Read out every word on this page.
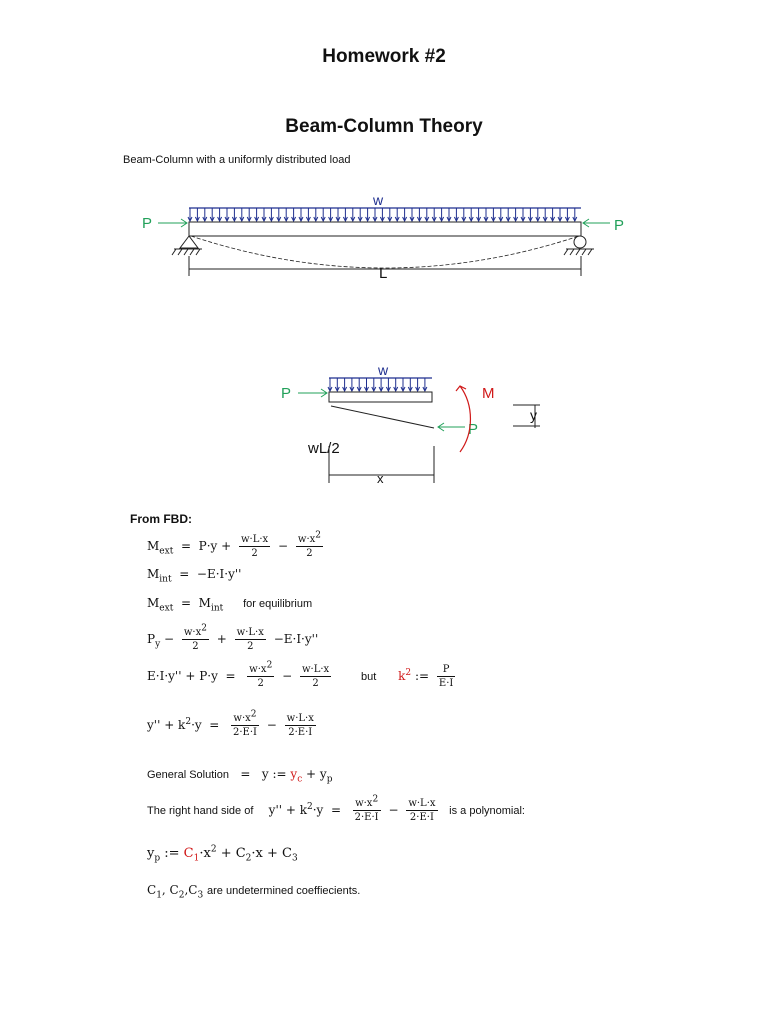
Homework #2
Beam-Column Theory
Beam-Column with a uniformly distributed load
w
P	P
L
w
P
P
M
y
wL/2
x
From FBD:
$M_{ext} = P\cdot y + \frac{w\cdot L\cdot x}{2} - \frac{w\cdot x^2}{2}$
$M_{int} = -E\cdot I\cdot y''$
$M_{ext} = M_{int}$ for equilibrium
$P_y - \frac{w\cdot x^2}{2} + \frac{w\cdot L\cdot x}{2} -E\cdot I\cdot y''$
$E\cdot I\cdot y'' + P\cdot y = \frac{w\cdot x^2}{2} - \frac{w\cdot L\cdot x}{2}$	but $k^2$ := $\frac{P}{E\cdot I}$
$y'' + k^2\cdot y = \frac{w\cdot x^2}{2\cdot E\cdot I} - \frac{w\cdot L\cdot x}{2\cdot E\cdot I}$
General Solution   =   y := $y_c + y_p$
The right hand side of    $y'' + k^2\cdot y = \frac{w\cdot x^2}{2\cdot E\cdot I} - \frac{w\cdot L\cdot x}{2\cdot E\cdot I}$ is a polynomial:
$y_p$ := $C_1\cdot x^2 + C_2\cdot x + C_3$
$C_1$, $C_2,C_3$ are undetermined coeffiecients.
